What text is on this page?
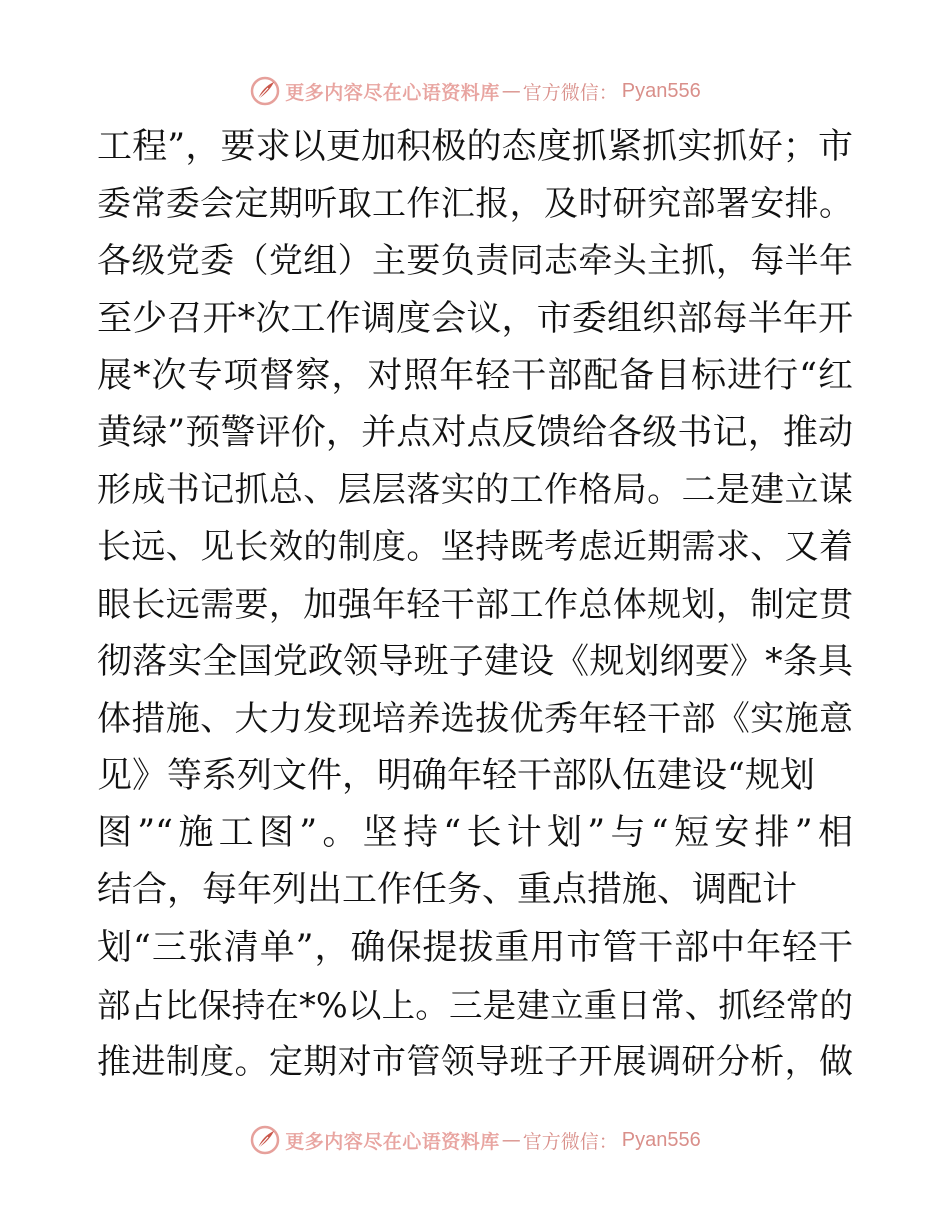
更多内容尽在心语资料库 — 官方微信： Pyan556
工程”，要求以更加积极的态度抓紧抓实抓好；市
委常委会定期听取工作汇报，及时研究部署安排。
各级党委（党组）主要负责同志牵头主抓，每半年
至少召开*次工作调度会议，市委组织部每半年开
展*次专项督察，对照年轻干部配备目标进行“红
黄绿”预警评价，并点对点反馈给各级书记，推动
形成书记抓总、层层落实的工作格局。二是建立谋
长远、见长效的制度。坚持既考虑近期需求、又着
眼长远需要，加强年轻干部工作总体规划，制定贯
彻落实全国党政领导班子建设《规划纲要》*条具
体措施、大力发现培养选拔优秀年轻干部《实施意
见》等系列文件，明确年轻干部队伍建设“规划
图”“施工图”。坚持“长计划”与“短安排”相
结合，每年列出工作任务、重点措施、调配计
划“三张清单”，确保提拔重用市管干部中年轻干
部占比保持在*%以上。三是建立重日常、抓经常的
推进制度。定期对市管领导班子开展调研分析，做
更多内容尽在心语资料库 — 官方微信： Pyan556
